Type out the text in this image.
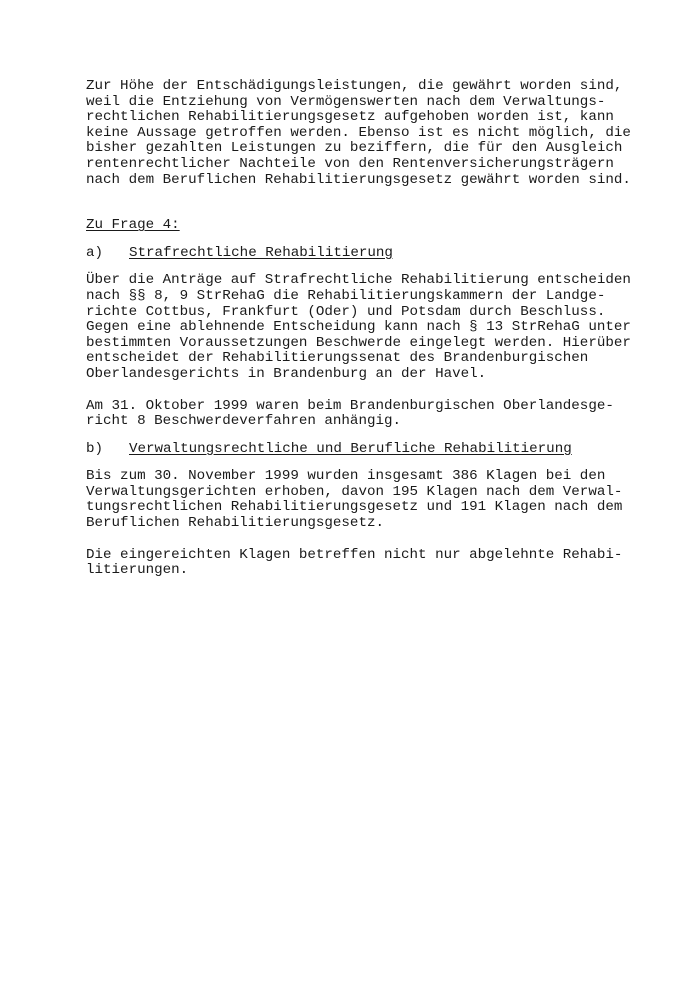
Zur Höhe der Entschädigungsleistungen, die gewährt worden sind,
weil die Entziehung von Vermögenswerten nach dem Verwaltungs-
rechtlichen Rehabilitierungsgesetz aufgehoben worden ist, kann
keine Aussage getroffen werden. Ebenso ist es nicht möglich, die
bisher gezahlten Leistungen zu beziffern, die für den Ausgleich
rentenrechtlicher Nachteile von den Rentenversicherungsträgern
nach dem Beruflichen Rehabilitierungsgesetz gewährt worden sind.
Zu Frage 4:
a)	Strafrechtliche Rehabilitierung
Über die Anträge auf Strafrechtliche Rehabilitierung entscheiden
nach §§ 8, 9 StrRehaG die Rehabilitierungskammern der Landge-
richte Cottbus, Frankfurt (Oder) und Potsdam durch Beschluss.
Gegen eine ablehnende Entscheidung kann nach § 13 StrRehaG unter
bestimmten Voraussetzungen Beschwerde eingelegt werden. Hierüber
entscheidet der Rehabilitierungssenat des Brandenburgischen
Oberlandesgerichts in Brandenburg an der Havel.
Am 31. Oktober 1999 waren beim Brandenburgischen Oberlandesge-
richt 8 Beschwerdeverfahren anhängig.
b)	Verwaltungsrechtliche und Berufliche Rehabilitierung
Bis zum 30. November 1999 wurden insgesamt 386 Klagen bei den
Verwaltungsgerichten erhoben, davon 195 Klagen nach dem Verwal-
tungsrechtlichen Rehabilitierungsgesetz und 191 Klagen nach dem
Beruflichen Rehabilitierungsgesetz.
Die eingereichten Klagen betreffen nicht nur abgelehnte Rehabi-
litierungen.
